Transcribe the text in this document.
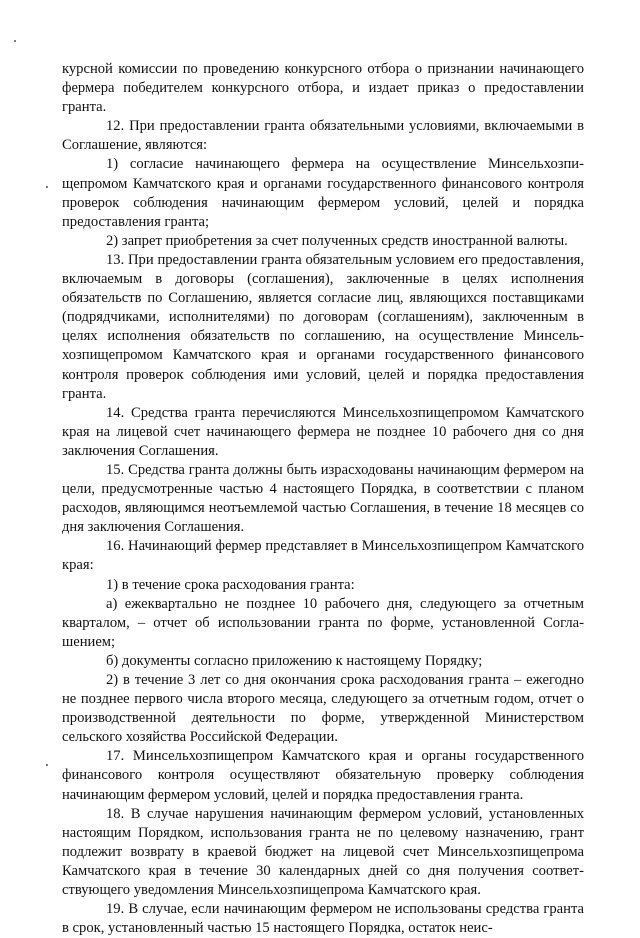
курсной комиссии по проведению конкурсного отбора о признании начинающего фермера победителем конкурсного отбора, и издает приказ о предоставлении гранта.

12. При предоставлении гранта обязательными условиями, включаемыми в Соглашение, являются:

1) согласие начинающего фермера на осуществление Минсельхозпищепромом Камчатского края и органами государственного финансового контроля проверок соблюдения начинающим фермером условий, целей и порядка предоставления гранта;

2) запрет приобретения за счет полученных средств иностранной валюты.

13. При предоставлении гранта обязательным условием его предоставления, включаемым в договоры (соглашения), заключенные в целях исполнения обязательств по Соглашению, является согласие лиц, являющихся поставщиками (подрядчиками, исполнителями) по договорам (соглашениям), заключенным в целях исполнения обязательств по соглашению, на осуществление Минсельхозпищепромом Камчатского края и органами государственного финансового контроля проверок соблюдения ими условий, целей и порядка предоставления гранта.

14. Средства гранта перечисляются Минсельхозпищепромом Камчатского края на лицевой счет начинающего фермера не позднее 10 рабочего дня со дня заключения Соглашения.

15. Средства гранта должны быть израсходованы начинающим фермером на цели, предусмотренные частью 4 настоящего Порядка, в соответствии с планом расходов, являющимся неотъемлемой частью Соглашения, в течение 18 месяцев со дня заключения Соглашения.

16. Начинающий фермер представляет в Минсельхозпищепром Камчатского края:

1) в течение срока расходования гранта:

а) ежеквартально не позднее 10 рабочего дня, следующего за отчетным кварталом, – отчет об использовании гранта по форме, установленной Соглашением;

б) документы согласно приложению к настоящему Порядку;

2) в течение 3 лет со дня окончания срока расходования гранта – ежегодно не позднее первого числа второго месяца, следующего за отчетным годом, отчет о производственной деятельности по форме, утвержденной Министерством сельского хозяйства Российской Федерации.

17. Минсельхозпищепром Камчатского края и органы государственного финансового контроля осуществляют обязательную проверку соблюдения начинающим фермером условий, целей и порядка предоставления гранта.

18. В случае нарушения начинающим фермером условий, установленных настоящим Порядком, использования гранта не по целевому назначению, грант подлежит возврату в краевой бюджет на лицевой счет Минсельхозпищепрома Камчатского края в течение 30 календарных дней со дня получения соответствующего уведомления Минсельхозпищепрома Камчатского края.

19. В случае, если начинающим фермером не использованы средства гранта в срок, установленный частью 15 настоящего Порядка, остаток неис-
